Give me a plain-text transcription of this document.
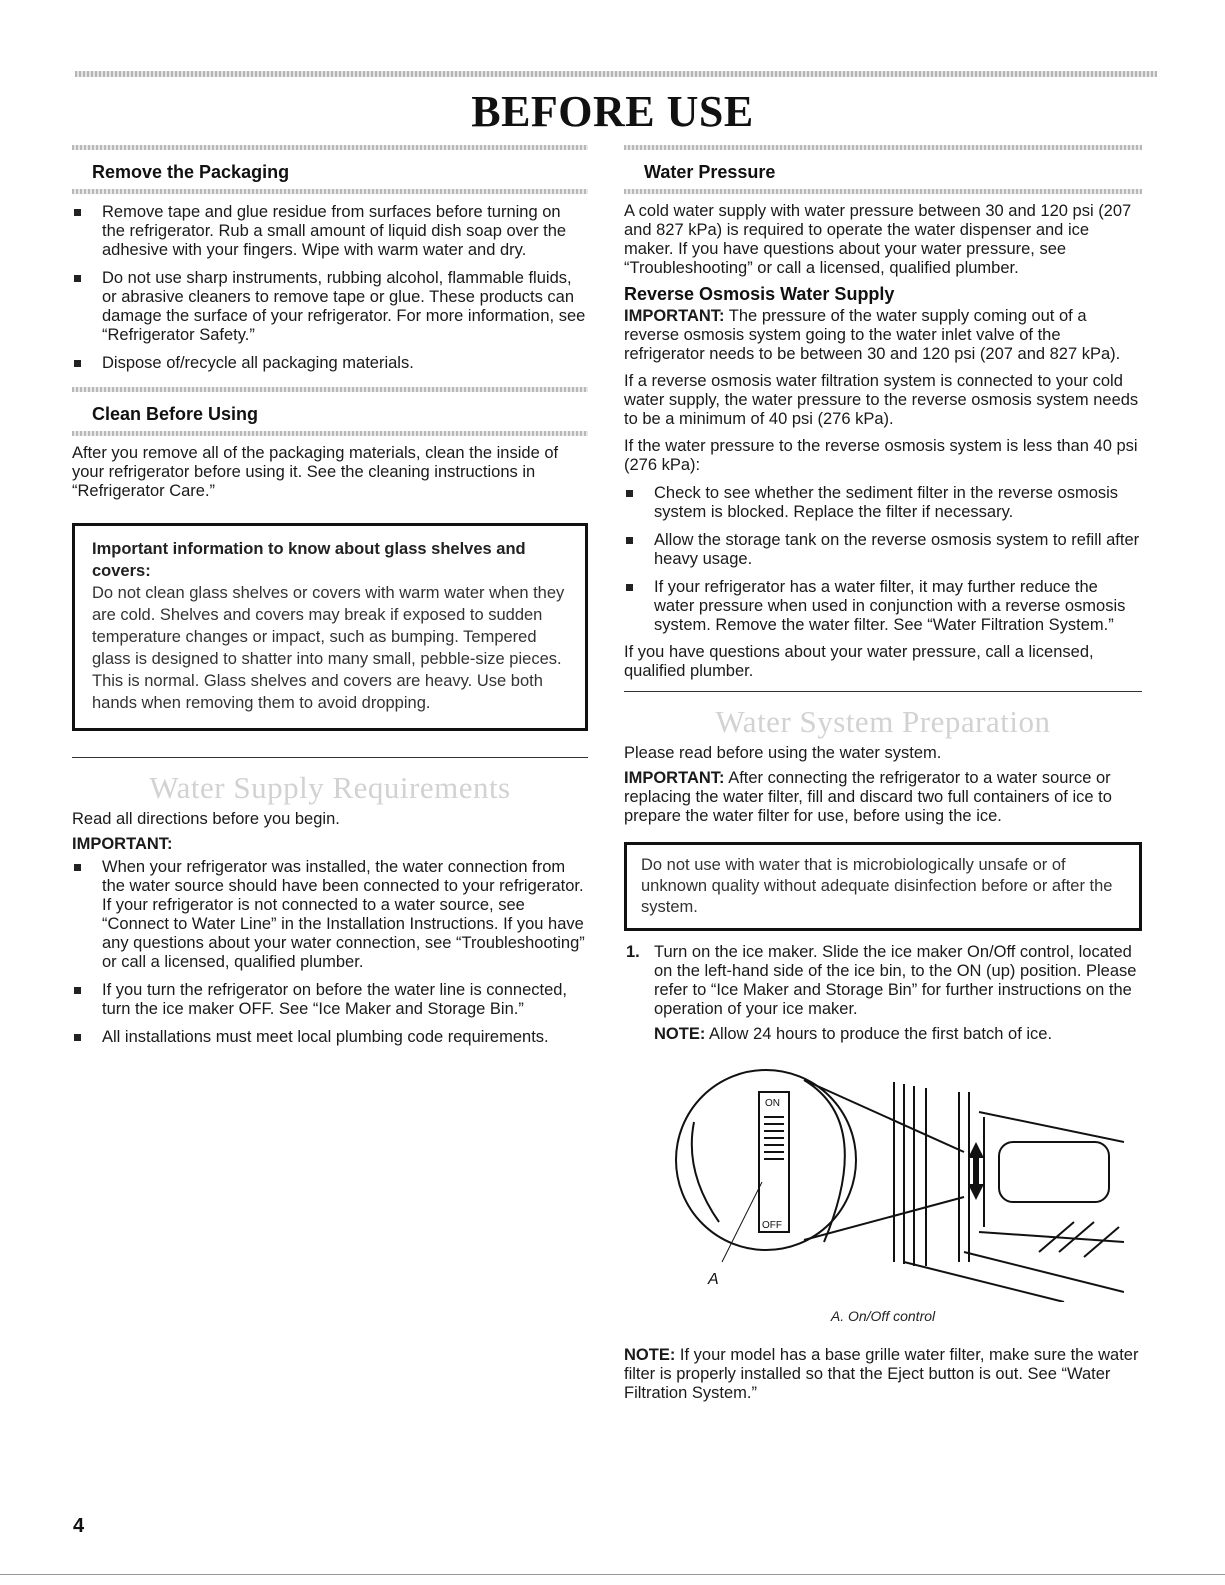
BEFORE USE
Remove the Packaging
Remove tape and glue residue from surfaces before turning on the refrigerator. Rub a small amount of liquid dish soap over the adhesive with your fingers. Wipe with warm water and dry.
Do not use sharp instruments, rubbing alcohol, flammable fluids, or abrasive cleaners to remove tape or glue. These products can damage the surface of your refrigerator. For more information, see “Refrigerator Safety.”
Dispose of/recycle all packaging materials.
Clean Before Using

After you remove all of the packaging materials, clean the inside of your refrigerator before using it. See the cleaning instructions in “Refrigerator Care.”

Important information to know about glass shelves and covers:
Do not clean glass shelves or covers with warm water when they are cold. Shelves and covers may break if exposed to sudden temperature changes or impact, such as bumping. Tempered glass is designed to shatter into many small, pebble-size pieces. This is normal. Glass shelves and covers are heavy. Use both hands when removing them to avoid dropping.
Water Supply Requirements

Read all directions before you begin.

IMPORTANT:

When your refrigerator was installed, the water connection from the water source should have been connected to your refrigerator. If your refrigerator is not connected to a water source, see “Connect to Water Line” in the Installation Instructions. If you have any questions about your water connection, see “Troubleshooting” or call a licensed, qualified plumber.
If you turn the refrigerator on before the water line is connected, turn the ice maker OFF. See “Ice Maker and Storage Bin.”
All installations must meet local plumbing code requirements.
Water Pressure

A cold water supply with water pressure between 30 and 120 psi (207 and 827 kPa) is required to operate the water dispenser and ice maker. If you have questions about your water pressure, see “Troubleshooting” or call a licensed, qualified plumber.

Reverse Osmosis Water Supply

IMPORTANT: The pressure of the water supply coming out of a reverse osmosis system going to the water inlet valve of the refrigerator needs to be between 30 and 120 psi (207 and 827 kPa).

If a reverse osmosis water filtration system is connected to your cold water supply, the water pressure to the reverse osmosis system needs to be a minimum of 40 psi (276 kPa).

If the water pressure to the reverse osmosis system is less than 40 psi (276 kPa):

Check to see whether the sediment filter in the reverse osmosis system is blocked. Replace the filter if necessary.
Allow the storage tank on the reverse osmosis system to refill after heavy usage.
If your refrigerator has a water filter, it may further reduce the water pressure when used in conjunction with a reverse osmosis system. Remove the water filter. See “Water Filtration System.”

If you have questions about your water pressure, call a licensed, qualified plumber.

Water System Preparation

Please read before using the water system.

IMPORTANT: After connecting the refrigerator to a water source or replacing the water filter, fill and discard two full containers of ice to prepare the water filter for use, before using the ice.

Do not use with water that is microbiologically unsafe or of unknown quality without adequate disinfection before or after the system.
1. Turn on the ice maker. Slide the ice maker On/Off control, located on the left-hand side of the ice bin, to the ON (up) position. Please refer to “Ice Maker and Storage Bin” for further instructions on the operation of your ice maker.

NOTE: Allow 24 hours to produce the first batch of ice.

ON
OFF
A
A. On/Off control

NOTE: If your model has a base grille water filter, make sure the water filter is properly installed so that the Eject button is out. See “Water Filtration System.”

4
